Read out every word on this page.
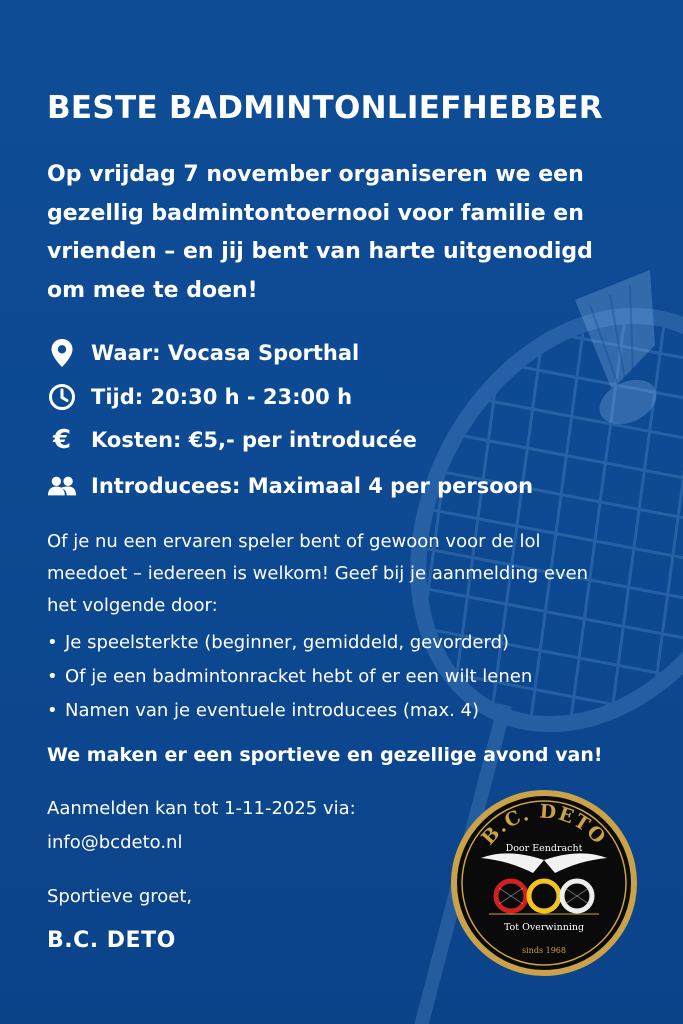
BESTE BADMINTONLIEFHEBBER

Op vrijdag 7 november organiseren we een gezellig badmintontoernooi voor familie en vrienden – en jij bent van harte uitgenodigd om mee te doen!

Waar: Vocasa Sporthal
Tijd: 20:30 h - 23:00 h
€ Kosten: €5,- per introducée
Introducees: Maximaal 4 per persoon

Of je nu een ervaren speler bent of gewoon voor de lol meedoet – iedereen is welkom! Geef bij je aanmelding even het volgende door:

• Je speelsterkte (beginner, gemiddeld, gevorderd)
• Of je een badmintonracket hebt of er een wilt lenen
• Namen van je eventuele introducees (max. 4)

We maken er een sportieve en gezellige avond van!

Aanmelden kan tot 1-11-2025 via:

info@bcdeto.nl

Sportieve groet,

B.C. DETO

B.C. DETO
Door Eendracht
Tot Overwinning
sinds 1968
